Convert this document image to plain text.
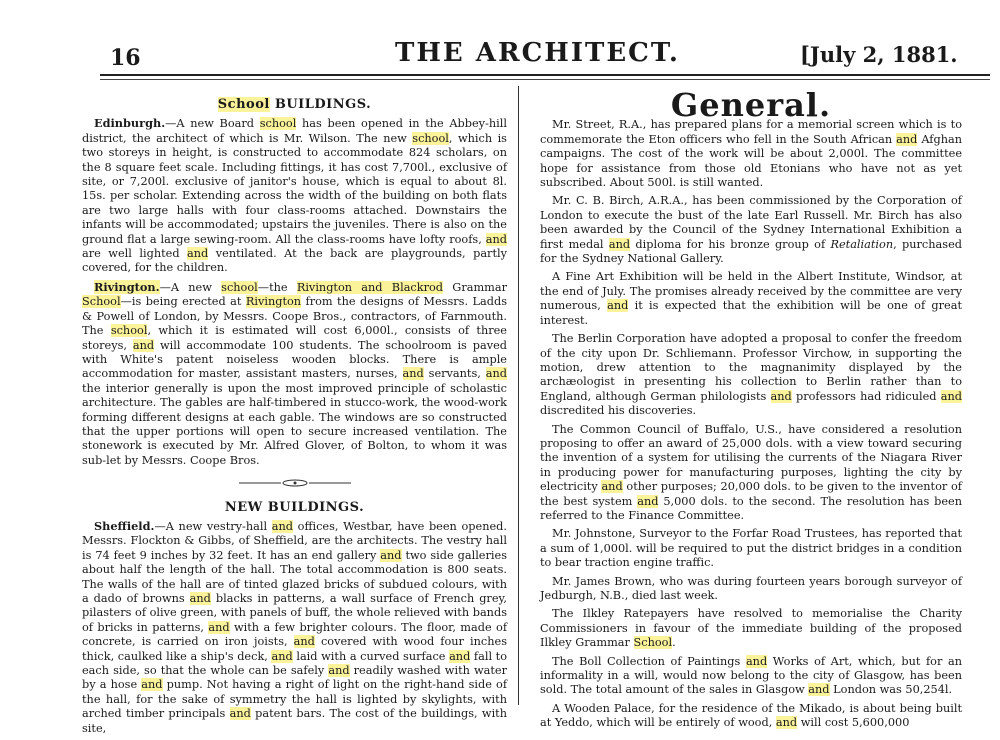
16	THE ARCHITECT.	[July 2, 1881.
School BUILDINGS.

Edinburgh.—A new Board school has been opened in the Abbey-hill district, the architect of which is Mr. Wilson. The new school, which is two storeys in height, is constructed to accommodate 824 scholars, on the 8 square feet scale. Including fittings, it has cost 7,700l., exclusive of site, or 7,200l. exclusive of janitor's house, which is equal to about 8l. 15s. per scholar. Extending across the width of the building on both flats are two large halls with four class-rooms attached. Downstairs the infants will be accommodated; upstairs the juveniles. There is also on the ground flat a large sewing-room. All the class-rooms have lofty roofs, and are well lighted and ventilated. At the back are playgrounds, partly covered, for the children.

Rivington.—A new school—the Rivington and Blackrod Grammar School—is being erected at Rivington from the designs of Messrs. Ladds & Powell of London, by Messrs. Coope Bros., contractors, of Farnmouth. The school, which it is estimated will cost 6,000l., consists of three storeys, and will accommodate 100 students. The schoolroom is paved with White's patent noiseless wooden blocks. There is ample accommodation for master, assistant masters, nurses, and servants, and the interior generally is upon the most improved principle of scholastic architecture. The gables are half-timbered in stucco-work, the wood-work forming different designs at each gable. The windows are so constructed that the upper portions will open to secure increased ventilation. The stonework is executed by Mr. Alfred Glover, of Bolton, to whom it was sub-let by Messrs. Coope Bros.

NEW BUILDINGS.

Sheffield.—A new vestry-hall and offices, Westbar, have been opened. Messrs. Flockton & Gibbs, of Sheffield, are the architects. The vestry hall is 74 feet 9 inches by 32 feet. It has an end gallery and two side galleries about half the length of the hall. The total accommodation is 800 seats. The walls of the hall are of tinted glazed bricks of subdued colours, with a dado of browns and blacks in patterns, a wall surface of French grey, pilasters of olive green, with panels of buff, the whole relieved with bands of bricks in patterns, and with a few brighter colours. The floor, made of concrete, is carried on iron joists, and covered with wood four inches thick, caulked like a ship's deck, and laid with a curved surface and fall to each side, so that the whole can be safely and readily washed with water by a hose and pump. Not having a right of light on the right-hand side of the hall, for the sake of symmetry the hall is lighted by skylights, with arched timber principals and patent bars. The cost of the buildings, with site,

General.

Mr. Street, R.A., has prepared plans for a memorial screen which is to commemorate the Eton officers who fell in the South African and Afghan campaigns. The cost of the work will be about 2,000l. The committee hope for assistance from those old Etonians who have not as yet subscribed. About 500l. is still wanted.

Mr. C. B. Birch, A.R.A., has been commissioned by the Corporation of London to execute the bust of the late Earl Russell. Mr. Birch has also been awarded by the Council of the Sydney International Exhibition a first medal and diploma for his bronze group of Retaliation, purchased for the Sydney National Gallery.

A Fine Art Exhibition will be held in the Albert Institute, Windsor, at the end of July. The promises already received by the committee are very numerous, and it is expected that the exhibition will be one of great interest.

The Berlin Corporation have adopted a proposal to confer the freedom of the city upon Dr. Schliemann. Professor Virchow, in supporting the motion, drew attention to the magnanimity displayed by the archæologist in presenting his collection to Berlin rather than to England, although German philologists and professors had ridiculed and discredited his discoveries.

The Common Council of Buffalo, U.S., have considered a resolution proposing to offer an award of 25,000 dols. with a view toward securing the invention of a system for utilising the currents of the Niagara River in producing power for manufacturing purposes, lighting the city by electricity and other purposes; 20,000 dols. to be given to the inventor of the best system and 5,000 dols. to the second. The resolution has been referred to the Finance Committee.

Mr. Johnstone, Surveyor to the Forfar Road Trustees, has reported that a sum of 1,000l. will be required to put the district bridges in a condition to bear traction engine traffic.

Mr. James Brown, who was during fourteen years borough surveyor of Jedburgh, N.B., died last week.

The Ilkley Ratepayers have resolved to memorialise the Charity Commissioners in favour of the immediate building of the proposed Ilkley Grammar School.

The Boll Collection of Paintings and Works of Art, which, but for an informality in a will, would now belong to the city of Glasgow, has been sold. The total amount of the sales in Glasgow and London was 50,254l.

A Wooden Palace, for the residence of the Mikado, is about being built at Yeddo, which will be entirely of wood, and will cost 5,600,000
